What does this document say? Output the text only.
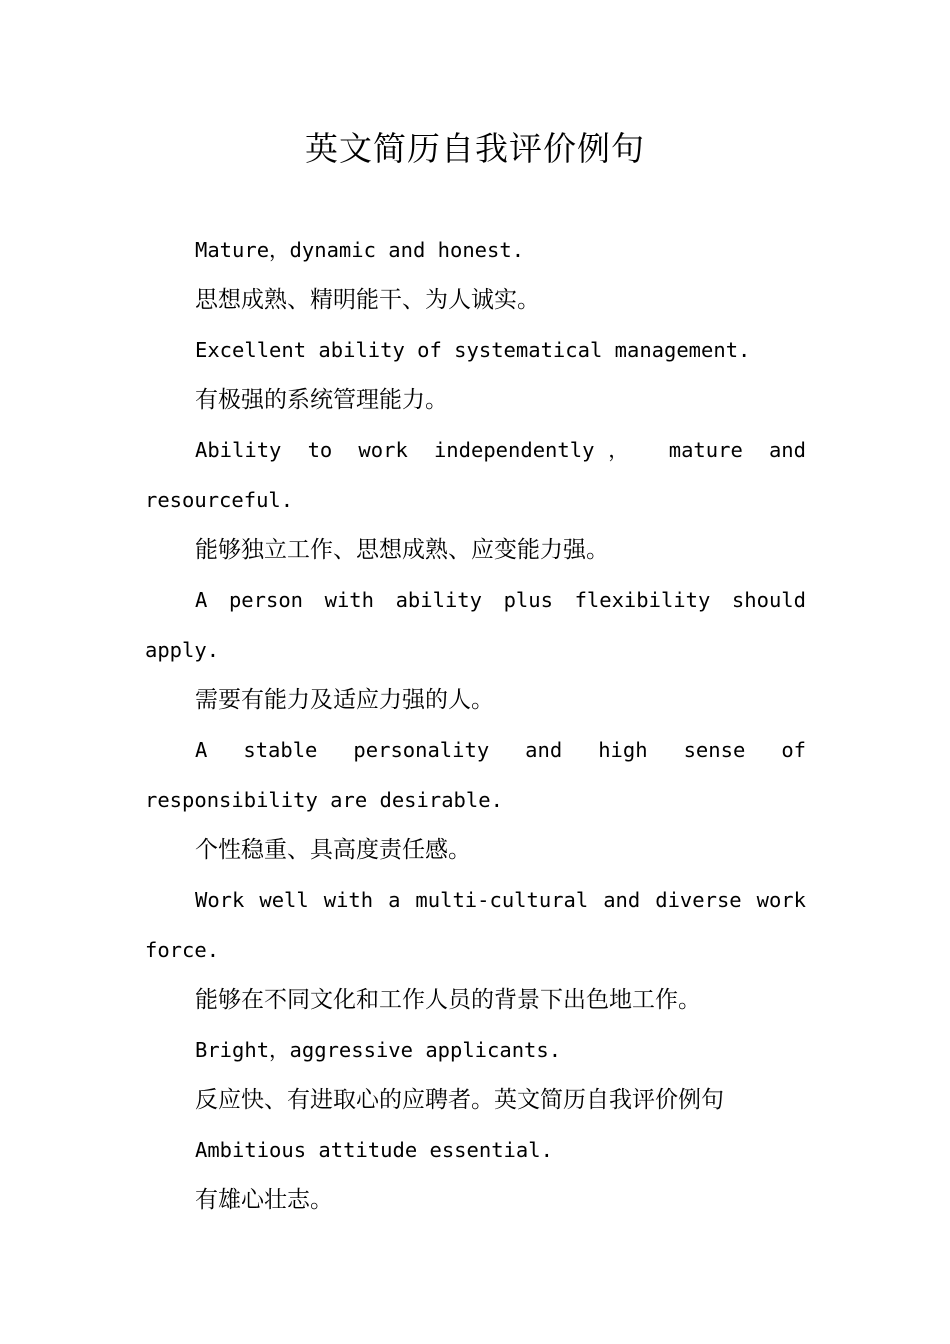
英文简历自我评价例句

Mature，dynamic and honest.

思想成熟、精明能干、为人诚实。

Excellent ability of systematical management.

有极强的系统管理能力。

Ability to work independently， mature and resourceful.

能够独立工作、思想成熟、应变能力强。

A person with ability plus flexibility should apply.

需要有能力及适应力强的人。

A stable personality and high sense of responsibility are desirable.

个性稳重、具高度责任感。

Work well with a multi-cultural and diverse work force.

能够在不同文化和工作人员的背景下出色地工作。

Bright，aggressive applicants.

反应快、有进取心的应聘者。英文简历自我评价例句

Ambitious attitude essential.

有雄心壮志。
